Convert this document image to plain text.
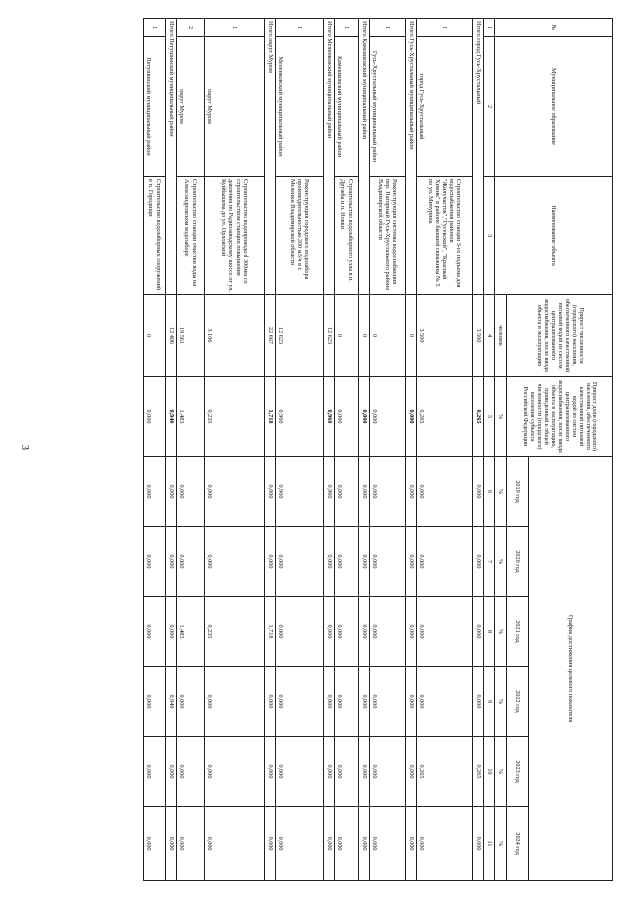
3
№	Муниципальное образование	Наименование объекта	Прирост численности (городского) населения, обеспеченного качественной питьевой водой из систем централизованного водоснабжения, после ввода объекта в эксплуатацию	Прирост доли (городского) населения, обеспеченного качественной питьевой водой из систем централизованного водоснабжения, после ввода объекта в эксплуатацию, приведенный к общей численности (городского) населения субъекта Российской Федерации	График достижения целевого показателя					
					2019 год	2020 год	2021 год	2022 год	2023 год	2024 год
			человек	%	%	%	%	%	%	%
1	2	3	4	5	6	7	8	9	10	11
Итого город Гусь-Хрустальный			3 500	0,265	0,000	0,000	0,000	0,000	0,265	0,000
1	город Гусь-Хрустальный	Строительство станции 3-го подъема для водоснабжения районов "Жилучасток","Гусевский", "Красный Химик" в районе бывшей скважины № 5 по ул. Мичурина	3 500	0,265	0,000	0,000	0,000	0,000	0,265	0,000
Итого Гусь-Хрустальный муниципальный район			0	0,000	0,000	0,000	0,000	0,000	0,000	0,000
1	Гусь-Хрустальный муниципальный район	Реконструкция системы водоснабжения пер. Нагорный Гусь-Хрустального района Владимирской области	0	0,000	0,000	0,000	0,000	0,000	0,000	0,000
Итого Камешковский муниципальный район			0	0,000	0,000	0,000	0,000	0,000	0,000	0,000
1	Камешковский муниципальный район	Строительство водозаборного узла в п. Дружба и п. Новки	0	0,000	0,000	0,000	0,000	0,000	0,000	0,000
Итого Меленковский муниципальный район			12 623	0,960	0,960	0,000	0,000	0,000	0,000	0,000
1	Меленковский муниципальный район	Реконструкция городского водозабора производительностью 200 м3/ч в г. Меленки Владимирской области	12 623	0,960	0,960	0,000	0,000	0,000	0,000	0,000
Итого округ Муром			22 667	1,718	0,000	0,000	1,718	0,000	0,000	0,000
1	округ Муром	Строительство водопровода d 300мм со строительством станции повышения давления по Радиозаводскому шоссе от ул. Куйбышева до ул. Орловской	3 106	0,235	0,000	0,000	0,235	0,000	0,000	0,000
2	округ Муром	Строительство станции очистки воды на Александровском водозаборе	19 561	1,483	0,000	0,000	1,483	0,000	0,000	0,000
Итого Петушинский муниципальный район			12 406	0,940	0,000	0,000	0,000	0,940	0,000	0,000
1	Петушинский муниципальный район	Строительство водозаборных сооружений в п. Городищи	0	0,000	0,000	0,000	0,000	0,000	0,000	0,000
